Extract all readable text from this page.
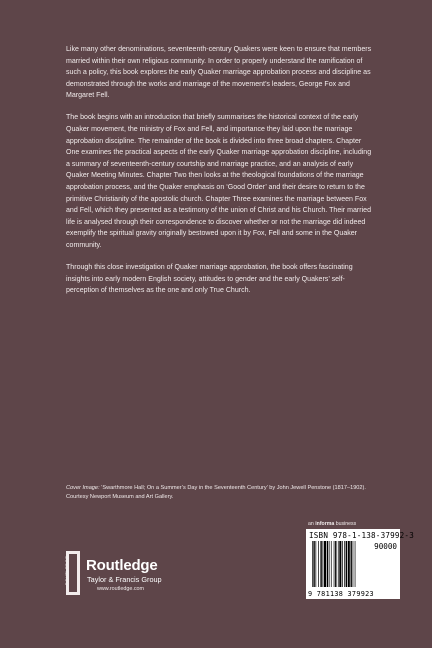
Like many other denominations, seventeenth-century Quakers were keen to ensure that members married within their own religious community. In order to properly understand the ramification of such a policy, this book explores the early Quaker marriage approbation process and discipline as demonstrated through the works and marriage of the movement’s leaders, George Fox and Margaret Fell.

The book begins with an introduction that briefly summarises the historical context of the early Quaker movement, the ministry of Fox and Fell, and importance they laid upon the marriage approbation discipline. The remainder of the book is divided into three broad chapters. Chapter One examines the practical aspects of the early Quaker marriage approbation discipline, including a summary of seventeenth-century courtship and marriage practice, and an analysis of early Quaker Meeting Minutes. Chapter Two then looks at the theological foundations of the marriage approbation process, and the Quaker emphasis on ‘Good Order’ and their desire to return to the primitive Christianity of the apostolic church. Chapter Three examines the marriage between Fox and Fell, which they presented as a testimony of the union of Christ and his Church. Their married life is analysed through their correspondence to discover whether or not the marriage did indeed exemplify the spiritual gravity originally bestowed upon it by Fox, Fell and some in the Quaker community.

Through this close investigation of Quaker marriage approbation, the book offers fascinating insights into early modern English society, attitudes to gender and the early Quakers’ self-perception of themselves as the one and only True Church.

Cover Image: ‘Swarthmore Hall; On a Summer’s Day in the Seventeenth Century’ by John Jewell Penstone (1817–1902). Courtesy Newport Museum and Art Gallery.
an informa business
ISBN 978-1-138-37992-3
90000
9 781138 379923
ROUTLEDGE Routledge
Taylor & Francis Group
www.routledge.com
